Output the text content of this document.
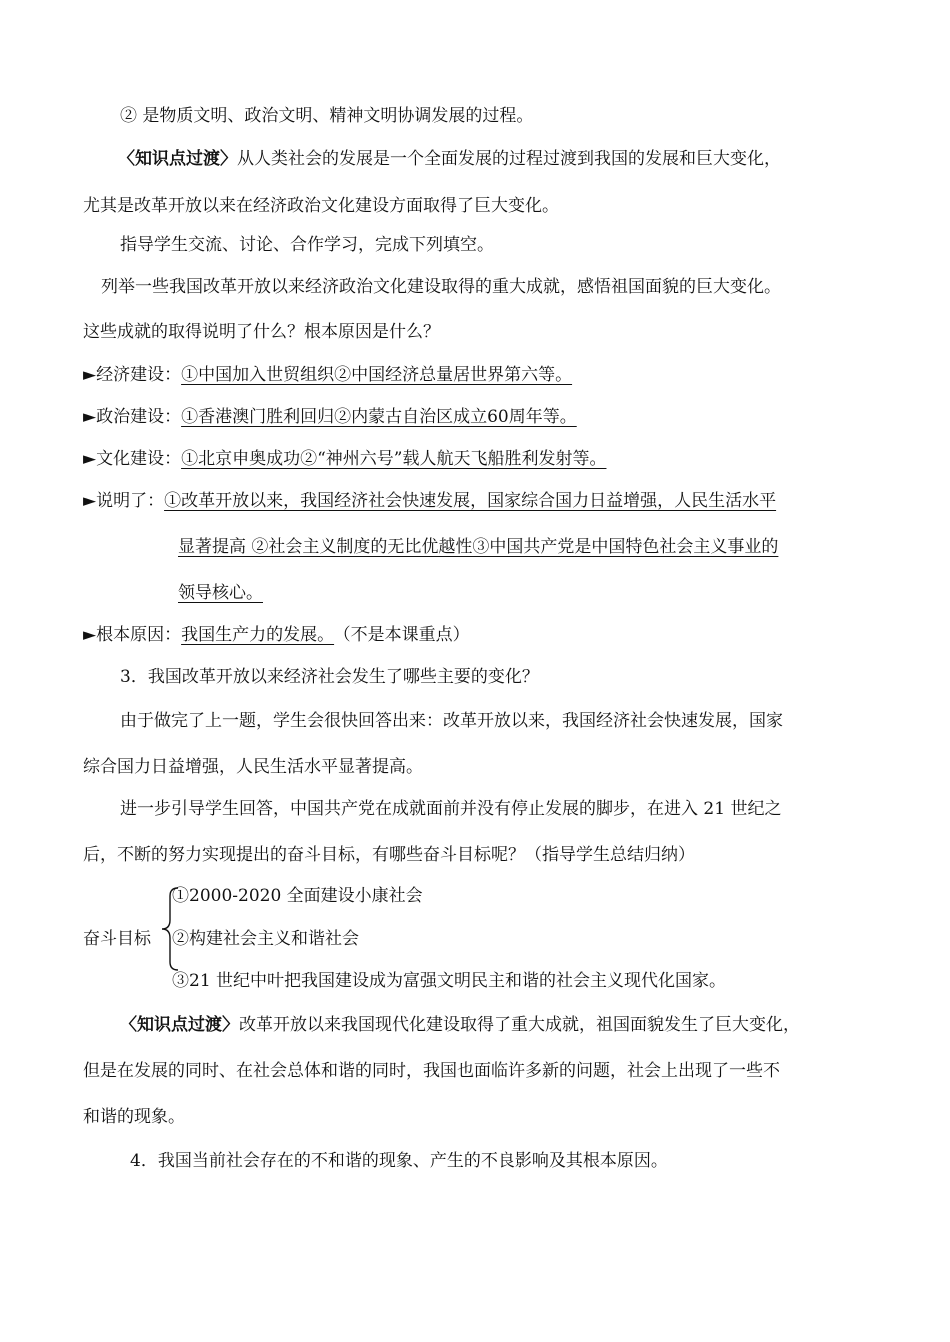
② 是物质文明、政治文明、精神文明协调发展的过程。
〈知识点过渡〉从人类社会的发展是一个全面发展的过程过渡到我国的发展和巨大变化，
尤其是改革开放以来在经济政治文化建设方面取得了巨大变化。
指导学生交流、讨论、合作学习，完成下列填空。
列举一些我国改革开放以来经济政治文化建设取得的重大成就，感悟祖国面貌的巨大变化。
这些成就的取得说明了什么？根本原因是什么？
►经济建设：①中国加入世贸组织②中国经济总量居世界第六等。
►政治建设：①香港澳门胜利回归②内蒙古自治区成立60周年等。
►文化建设：①北京申奥成功②“神州六号”载人航天飞船胜利发射等。
►说明了：①改革开放以来，我国经济社会快速发展，国家综合国力日益增强，人民生活水平
显著提高 ②社会主义制度的无比优越性③中国共产党是中国特色社会主义事业的
领导核心。
►根本原因：我国生产力的发展。 （不是本课重点）
3．我国改革开放以来经济社会发生了哪些主要的变化？
由于做完了上一题，学生会很快回答出来：改革开放以来，我国经济社会快速发展，国家
综合国力日益增强，人民生活水平显著提高。
进一步引导学生回答，中国共产党在成就面前并没有停止发展的脚步，在进入 21 世纪之
后，不断的努力实现提出的奋斗目标，有哪些奋斗目标呢？（指导学生总结归纳）
奋斗目标
①2000-2020 全面建设小康社会
②构建社会主义和谐社会
③21 世纪中叶把我国建设成为富强文明民主和谐的社会主义现代化国家。
〈知识点过渡〉改革开放以来我国现代化建设取得了重大成就，祖国面貌发生了巨大变化，
但是在发展的同时、在社会总体和谐的同时，我国也面临许多新的问题，社会上出现了一些不
和谐的现象。
4．我国当前社会存在的不和谐的现象、产生的不良影响及其根本原因。
